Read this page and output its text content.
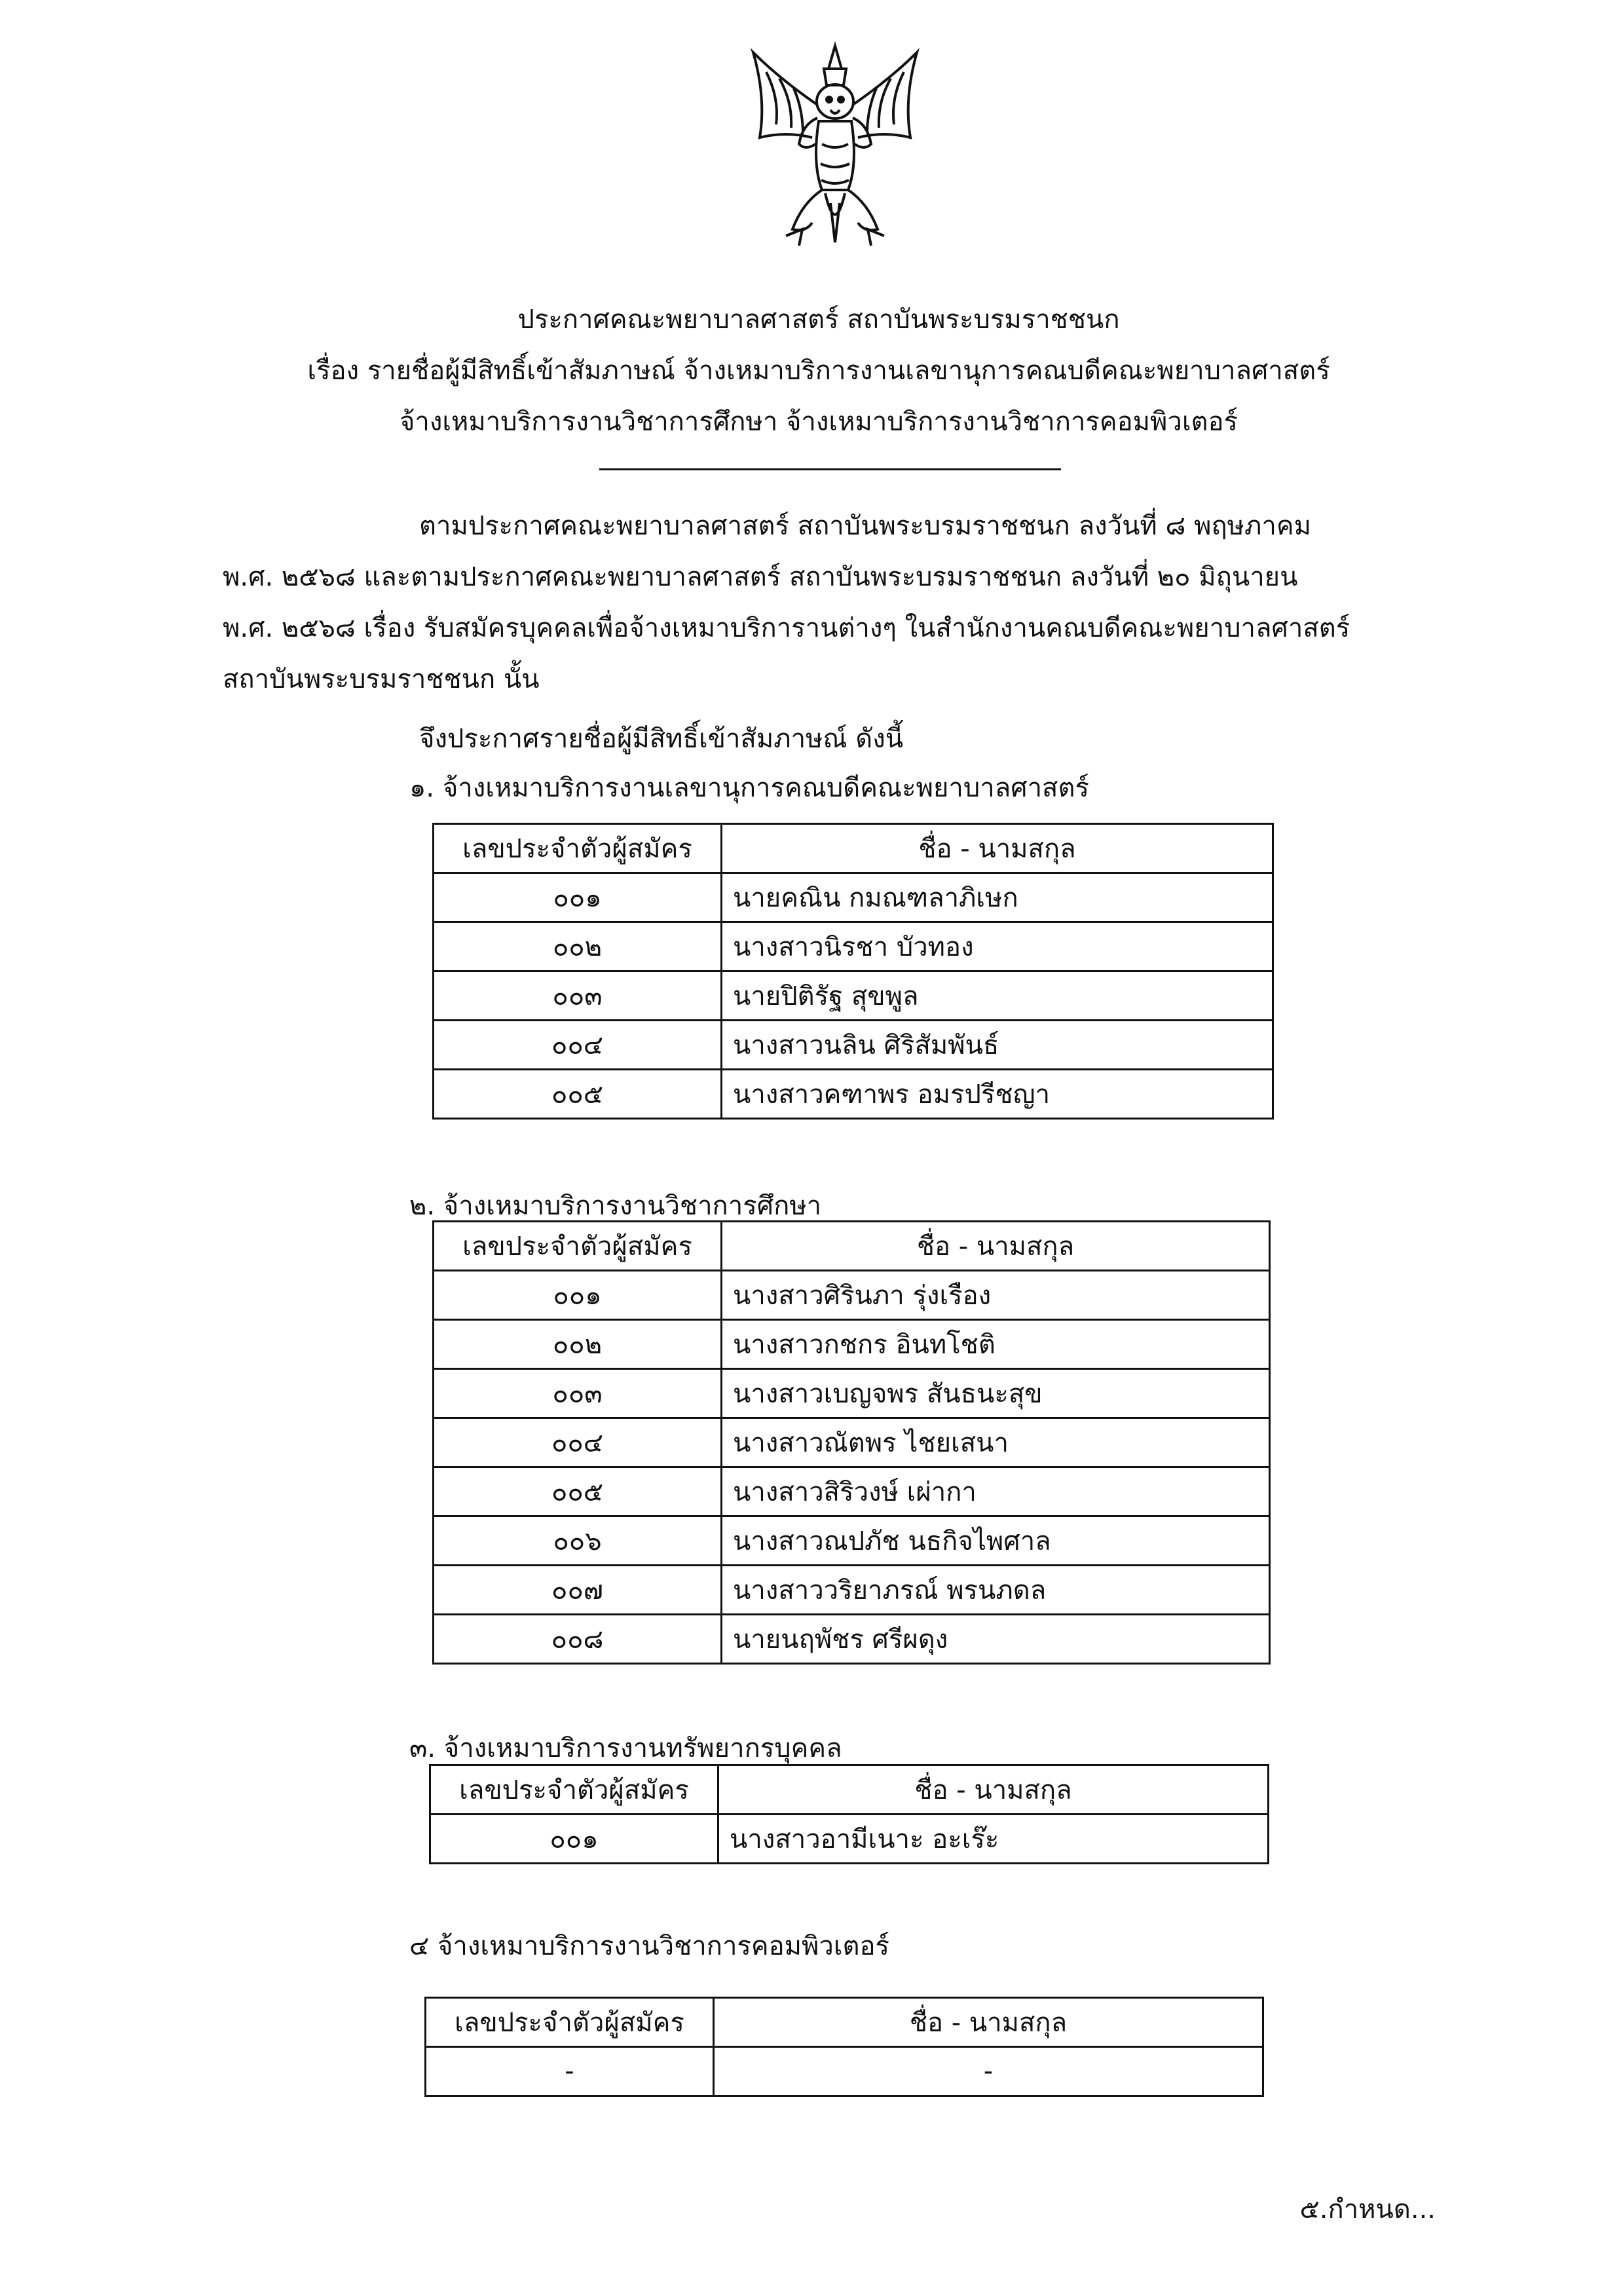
ประกาศคณะพยาบาลศาสตร์ สถาบันพระบรมราชชนก
เรื่อง รายชื่อผู้มีสิทธิ์เข้าสัมภาษณ์ จ้างเหมาบริการงานเลขานุการคณบดีคณะพยาบาลศาสตร์
จ้างเหมาบริการงานวิชาการศึกษา จ้างเหมาบริการงานวิชาการคอมพิวเตอร์
ตามประกาศคณะพยาบาลศาสตร์ สถาบันพระบรมราชชนก ลงวันที่ ๘ พฤษภาคม
พ.ศ. ๒๕๖๘ และตามประกาศคณะพยาบาลศาสตร์ สถาบันพระบรมราชชนก ลงวันที่ ๒๐ มิถุนายน
พ.ศ. ๒๕๖๘ เรื่อง รับสมัครบุคคลเพื่อจ้างเหมาบริการานต่างๆ ในสำนักงานคณบดีคณะพยาบาลศาสตร์
สถาบันพระบรมราชชนก นั้น
จึงประกาศรายชื่อผู้มีสิทธิ์เข้าสัมภาษณ์ ดังนี้
๑. จ้างเหมาบริการงานเลขานุการคณบดีคณะพยาบาลศาสตร์
เลขประจำตัวผู้สมัคร	ชื่อ - นามสกุล
๐๐๑	นายคณิน กมณฑลาภิเษก
๐๐๒	นางสาวนิรชา บัวทอง
๐๐๓	นายปิติรัฐ สุขพูล
๐๐๔	นางสาวนลิน ศิริสัมพันธ์
๐๐๕	นางสาวคฑาพร อมรปรีชญา
๒. จ้างเหมาบริการงานวิชาการศึกษา
เลขประจำตัวผู้สมัคร	ชื่อ - นามสกุล
๐๐๑	นางสาวศิรินภา รุ่งเรือง
๐๐๒	นางสาวกชกร อินทโชติ
๐๐๓	นางสาวเบญจพร สันธนะสุข
๐๐๔	นางสาวณัตพร ไชยเสนา
๐๐๕	นางสาวสิริวงษ์ เผ่ากา
๐๐๖	นางสาวณปภัช นธกิจไพศาล
๐๐๗	นางสาววริยาภรณ์ พรนภดล
๐๐๘	นายนฤพัชร ศรีผดุง
๓. จ้างเหมาบริการงานทรัพยากรบุคคล
เลขประจำตัวผู้สมัคร	ชื่อ - นามสกุล
๐๐๑	นางสาวอามีเนาะ อะเร๊ะ
๔ จ้างเหมาบริการงานวิชาการคอมพิวเตอร์
เลขประจำตัวผู้สมัคร	ชื่อ - นามสกุล
-	-
๕.กำหนด...
